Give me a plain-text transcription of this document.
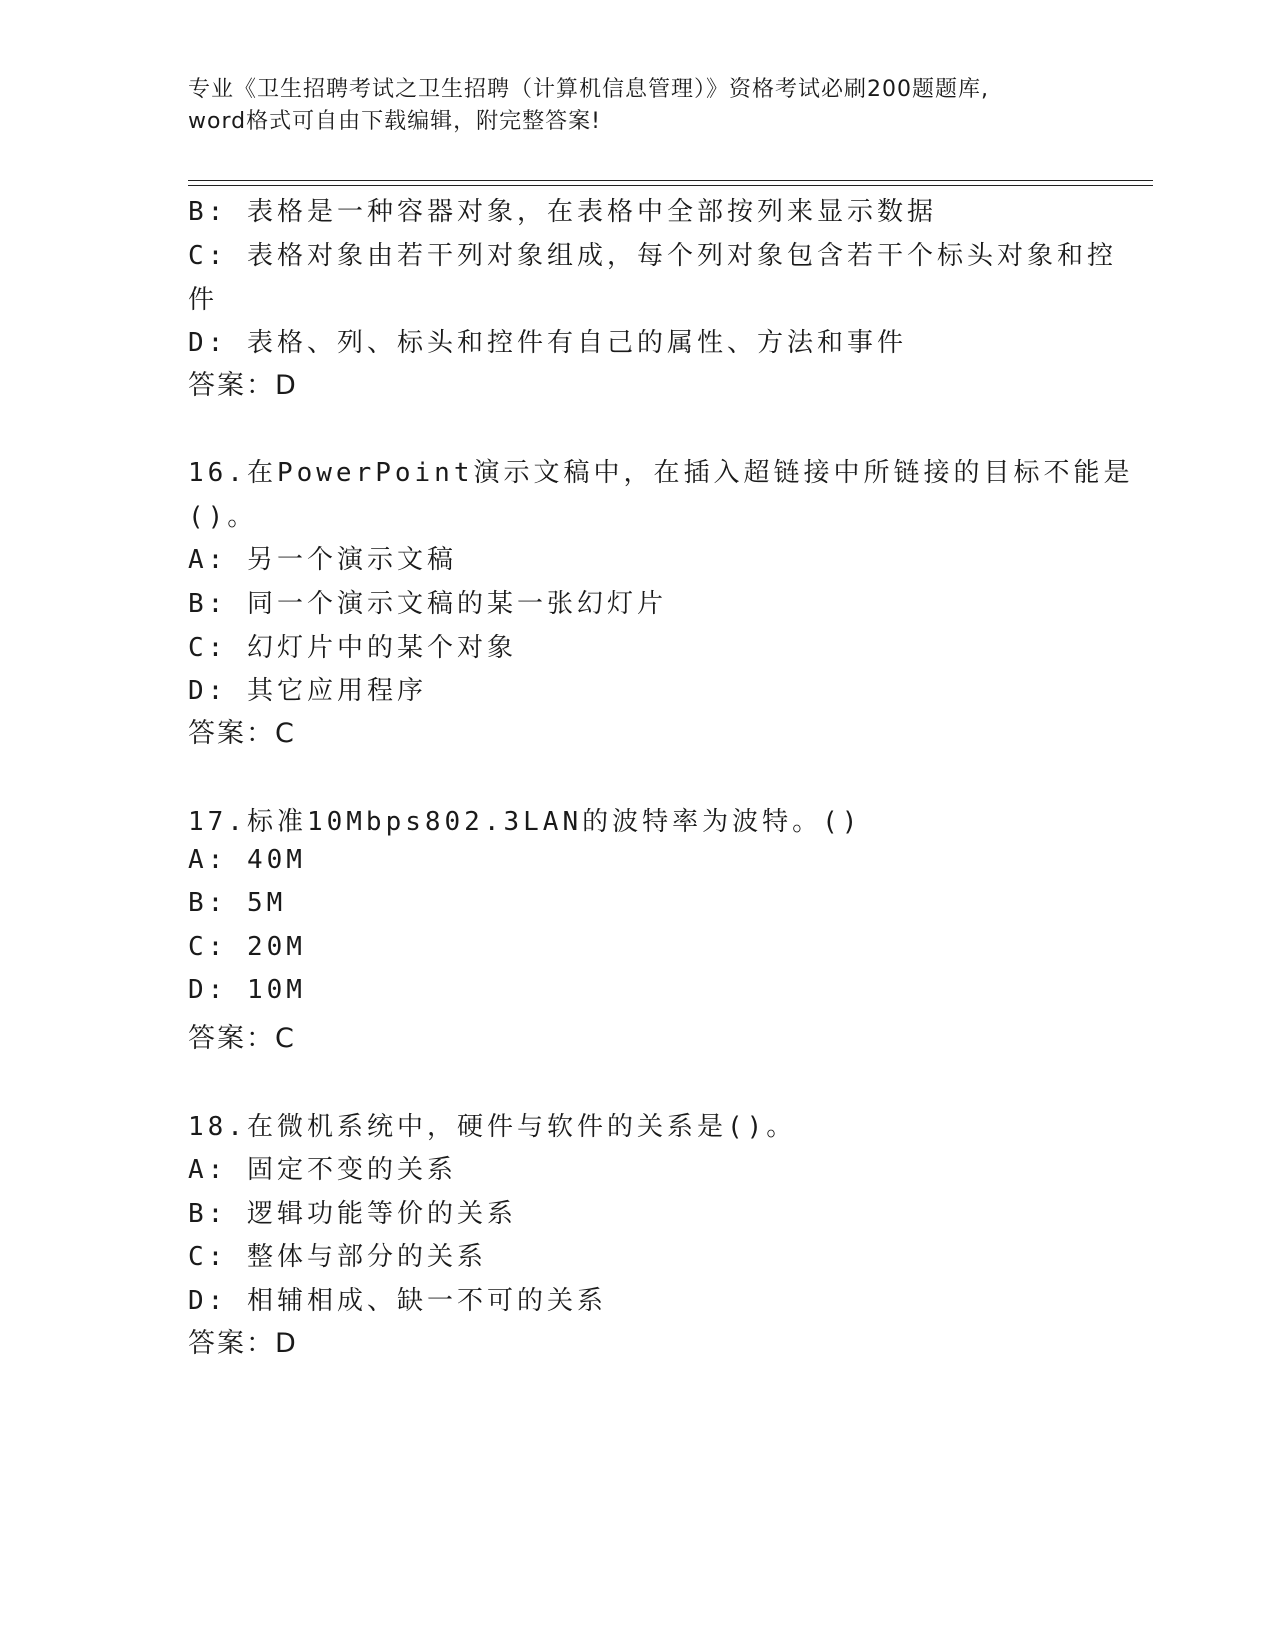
专业《卫生招聘考试之卫生招聘（计算机信息管理）》资格考试必刷200题题库,
word格式可自由下载编辑，附完整答案!
B: 表格是一种容器对象，在表格中全部按列来显示数据
C: 表格对象由若干列对象组成，每个列对象包含若干个标头对象和控
件
D: 表格、列、标头和控件有自己的属性、方法和事件
答案：D
16.在PowerPoint演示文稿中，在插入超链接中所链接的目标不能是
()。
A: 另一个演示文稿
B: 同一个演示文稿的某一张幻灯片
C: 幻灯片中的某个对象
D: 其它应用程序
答案：C
17.标准10Mbps802.3LAN的波特率为波特。()
A: 40M
B: 5M
C: 20M
D: 10M
答案：C
18.在微机系统中，硬件与软件的关系是()。
A: 固定不变的关系
B: 逻辑功能等价的关系
C: 整体与部分的关系
D: 相辅相成、缺一不可的关系
答案：D
